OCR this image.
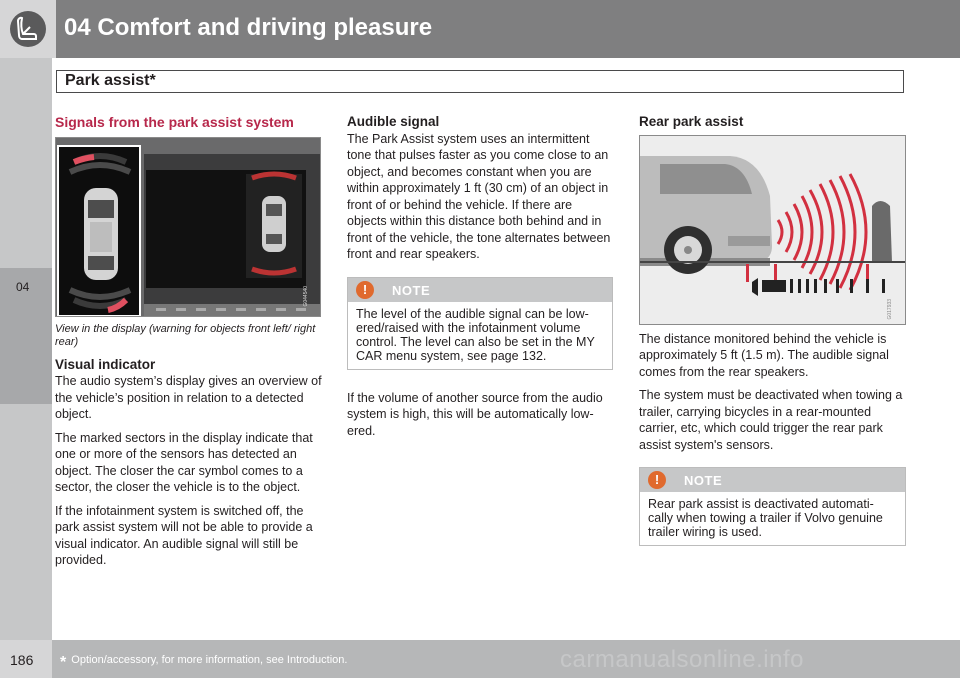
04 Comfort and driving pleasure
Park assist*
04
Signals from the park assist system
G044540
View in the display (warning for objects front left/ right rear)
Visual indicator

The audio system’s display gives an overview of the vehicle’s position in relation to a detected object.

The marked sectors in the display indicate that one or more of the sensors has detected an object. The closer the car symbol comes to a sector, the closer the vehicle is to the object.

If the infotainment system is switched off, the park assist system will not be able to provide a visual indicator. An audible signal will still be provided.

Audible signal

The Park Assist system uses an intermittent tone that pulses faster as you come close to an object, and becomes constant when you are within approximately 1 ft (30 cm) of an object in front of or behind the vehicle. If there are objects within this distance both behind and in front of the vehicle, the tone alternates between front and rear speakers.

!	NOTE
The level of the audible signal can be low-ered/raised with the infotainment volume control. The level can also be set in the MY CAR menu system, see page 132.

If the volume of another source from the audio system is high, this will be automatically low-ered.

Rear park assist
G017933

The distance monitored behind the vehicle is approximately 5 ft (1.5 m). The audible signal comes from the rear speakers.

The system must be deactivated when towing a trailer, carrying bicycles in a rear-mounted carrier, etc, which could trigger the rear park assist system's sensors.

!	NOTE
Rear park assist is deactivated automati-cally when towing a trailer if Volvo genuine trailer wiring is used.
186 * Option/accessory, for more information, see Introduction.	carmanualsonline.info
